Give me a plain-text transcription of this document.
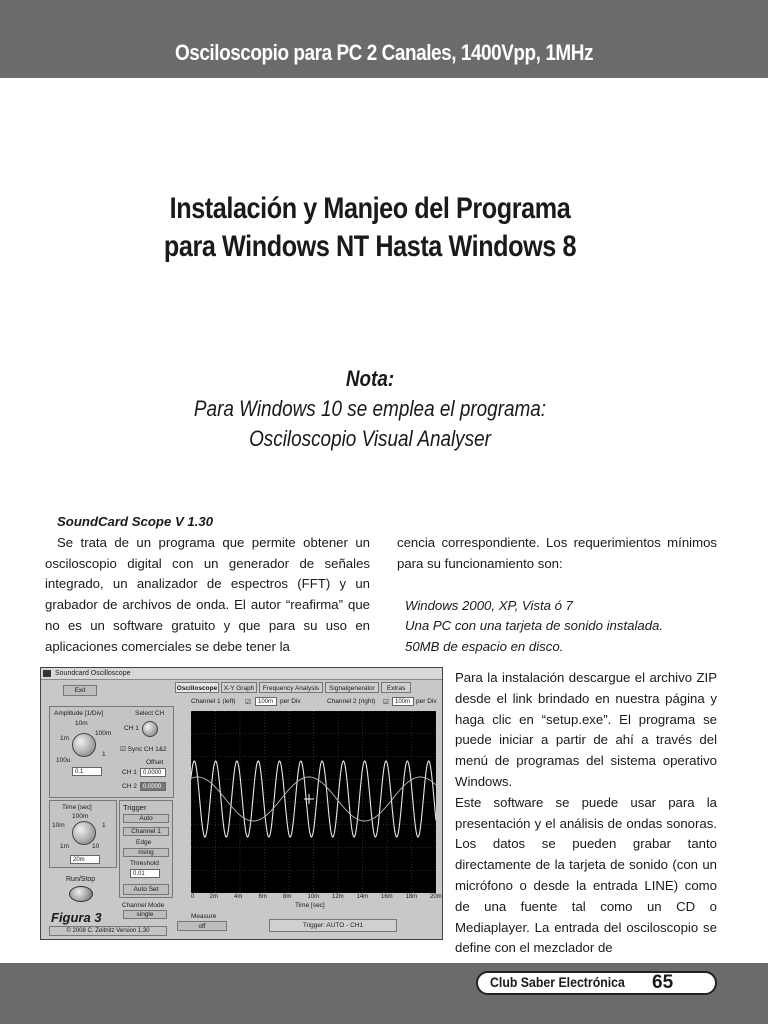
Osciloscopio para PC 2 Canales, 1400Vpp, 1MHz
Instalación y Manjeo del Programa
para Windows NT Hasta Windows 8
Nota:
Para Windows 10 se emplea el programa:
Osciloscopio Visual Analyser
SoundCard Scope V 1.30

Se trata de un programa que permite obtener un osciloscopio digital con un generador de señales integrado, un analizador de espectros (FFT) y un grabador de archivos de onda. El autor “reafirma” que no es un software gratuito y que para su uso en aplicaciones comerciales se debe tener la

cencia correspondiente. Los requerimientos mínimos para su funcionamiento son:

Windows 2000, XP, Vista ó 7
Una PC con una tarjeta de sonido instalada.
50MB de espacio en disco.

Para la instalación descargue el archivo ZIP desde el link brindado en nuestra página y haga clic en “setup.exe”. El programa se puede iniciar a partir de ahí a través del menú de programas del sistema operativo Windows.

Este software se puede usar para la presentación y el análisis de ondas sonoras. Los datos se pueden grabar tanto directamente de la tarjeta de sonido (con un micrófono o desde la entrada LINE) como de una fuente tal como un CD o Mediaplayer. La entrada del osciloscopio se define con el mezclador de

Soundcard Oscilloscope
Exit
Amplitude [1/Div]	Select CH
CH 1
10m
100m
1m
1
100u
0.1
☑ Sync CH 1&2
Offset
CH 1	0.0000
CH 2	0.0000
Time [sec]
100m
10m	1
1m	10
20m
Run/Stop
Trigger
Auto
Channel 1
Edge
rising
Threshold
0.01
Auto Set
Channel Mode
single
Figura 3
© 2008 C. Zeitnitz Version 1.30
Oscilloscope X-Y Graph	Frequency Analysis	Signalgenerator	Extras
Channel 1 (left) ☑	100m	per Div	Channel 2 (right) ☑	100m per Div
0	2m	4m	6m	8m	10m 12m 14m 16m 18m 20m
Time [sec]
Measure
off	Trigger: AUTO - CH1
Club Saber Electrónica 65
